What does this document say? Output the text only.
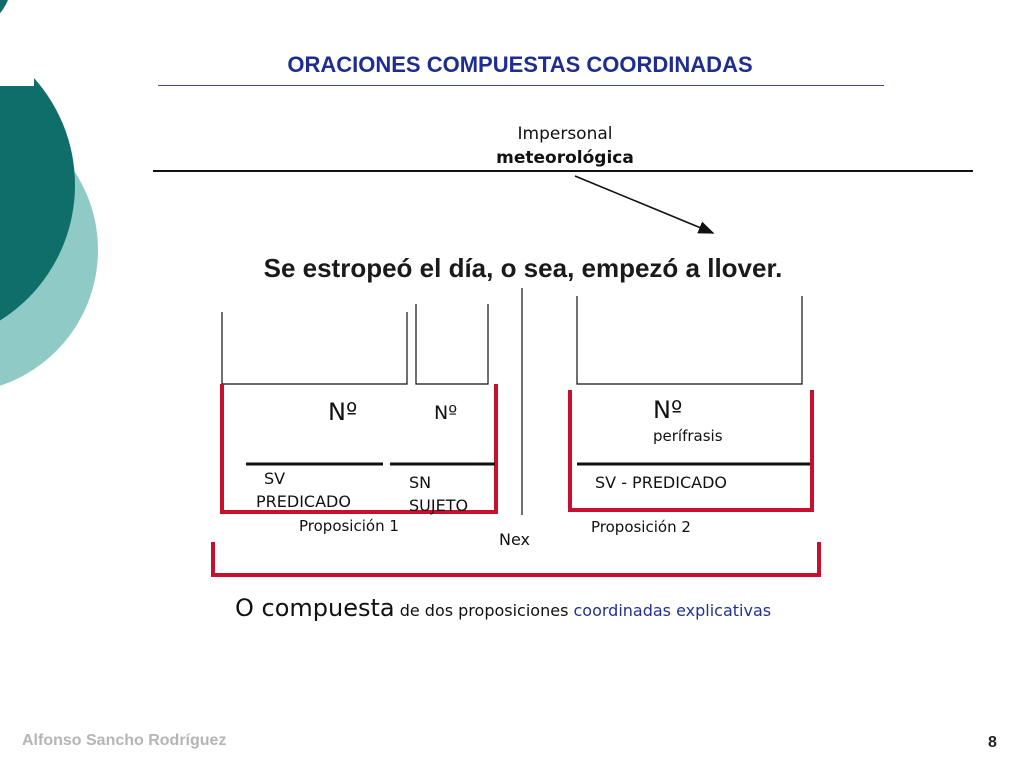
ORACIONES COMPUESTAS COORDINADAS
Impersonal
meteorológica
Se estropeó el día, o sea, empezó a llover.
Nº	Nº	Nº
perífrasis
SV
PREDICADO
SN
SUJETO
SV - PREDICADO
Proposición 1
Nex
Proposición 2
O compuesta de dos proposiciones coordinadas explicativas
Alfonso Sancho Rodríguez	8
